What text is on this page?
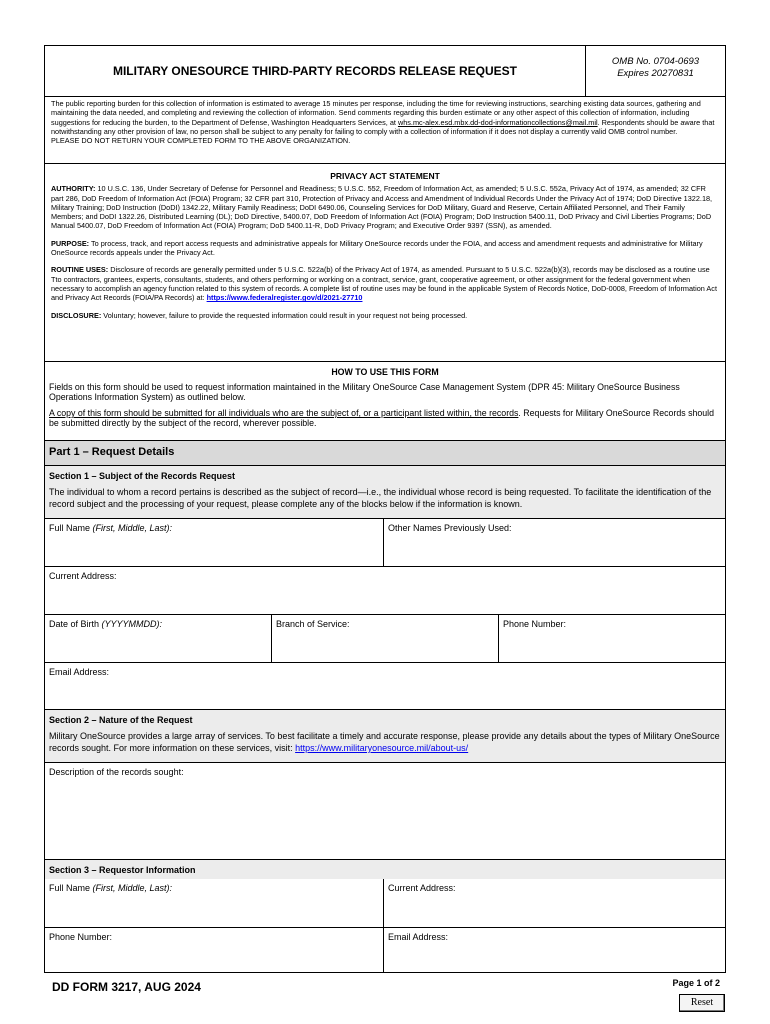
MILITARY ONESOURCE THIRD-PARTY RECORDS RELEASE REQUEST
OMB No. 0704-0693
Expires 20270831
The public reporting burden for this collection of information is estimated to average 15 minutes per response, including the time for reviewing instructions, searching existing data sources, gathering and maintaining the data needed, and completing and reviewing the collection of information. Send comments regarding this burden estimate or any other aspect of this collection of information, including suggestions for reducing the burden, to the Department of Defense, Washington Headquarters Services, at whs.mc-alex.esd.mbx.dd-dod-informationcollections@mail.mil. Respondents should be aware that notwithstanding any other provision of law, no person shall be subject to any penalty for failing to comply with a collection of information if it does not display a currently valid OMB control number.
PLEASE DO NOT RETURN YOUR COMPLETED FORM TO THE ABOVE ORGANIZATION.
PRIVACY ACT STATEMENT
AUTHORITY: 10 U.S.C. 136, Under Secretary of Defense for Personnel and Readiness; 5 U.S.C. 552, Freedom of Information Act, as amended; 5 U.S.C. 552a, Privacy Act of 1974, as amended; 32 CFR part 286, DoD Freedom of Information Act (FOIA) Program; 32 CFR part 310, Protection of Privacy and Access and Amendment of Individual Records Under the Privacy Act of 1974; DoD Directive 1322.18, Military Training; DoD Instruction (DoDI) 1342.22, Military Family Readiness; DoDI 6490.06, Counseling Services for DoD Military, Guard and Reserve, Certain Affiliated Personnel, and Their Family Members; and DoDI 1322.26, Distributed Learning (DL); DoD Directive, 5400.07, DoD Freedom of Information Act (FOIA) Program; DoD Instruction 5400.11, DoD Privacy and Civil Liberties Programs; DoD Manual 5400.07, DoD Freedom of Information Act (FOIA) Program; DoD 5400.11-R, DoD Privacy Program; and Executive Order 9397 (SSN), as amended.
PURPOSE: To process, track, and report access requests and administrative appeals for Military OneSource records under the FOIA, and access and amendment requests and administrative for Military OneSource records appeals under the Privacy Act.
ROUTINE USES: Disclosure of records are generally permitted under 5 U.S.C. 522a(b) of the Privacy Act of 1974, as amended. Pursuant to 5 U.S.C. 522a(b)(3), records may be disclosed as a routine use Tto contractors, grantees, experts, consultants, students, and others performing or working on a contract, service, grant, cooperative agreement, or other assignment for the federal government when necessary to accomplish an agency function related to this system of records. A complete list of routine uses may be found in the applicable System of Records Notice, DoD-0008, Freedom of Information Act and Privacy Act Records (FOIA/PA Records) at: https://www.federalregister.gov/d/2021-27710
DISCLOSURE: Voluntary; however, failure to provide the requested information could result in your request not being processed.
HOW TO USE THIS FORM
Fields on this form should be used to request information maintained in the Military OneSource Case Management System (DPR 45: Military OneSource Business Operations Information System) as outlined below.
A copy of this form should be submitted for all individuals who are the subject of, or a participant listed within, the records. Requests for Military OneSource Records should be submitted directly by the subject of the record, wherever possible.
Part 1 – Request Details
Section 1 – Subject of the Records Request
The individual to whom a record pertains is described as the subject of record—i.e., the individual whose record is being requested. To facilitate the identification of the record subject and the processing of your request, please complete any of the blocks below if the information is known.
Full Name (First, Middle, Last):	Other Names Previously Used:
Current Address:
Date of Birth (YYYYMMDD):	Branch of Service:	Phone Number:
Email Address:
Section 2 – Nature of the Request
Military OneSource provides a large array of services. To best facilitate a timely and accurate response, please provide any details about the types of Military OneSource records sought. For more information on these services, visit: https://www.militaryonesource.mil/about-us/
Description of the records sought:
Section 3 – Requestor Information
Full Name (First, Middle, Last):	Current Address:
Phone Number:	Email Address:
DD FORM 3217, AUG 2024	Page 1 of 2
Reset
